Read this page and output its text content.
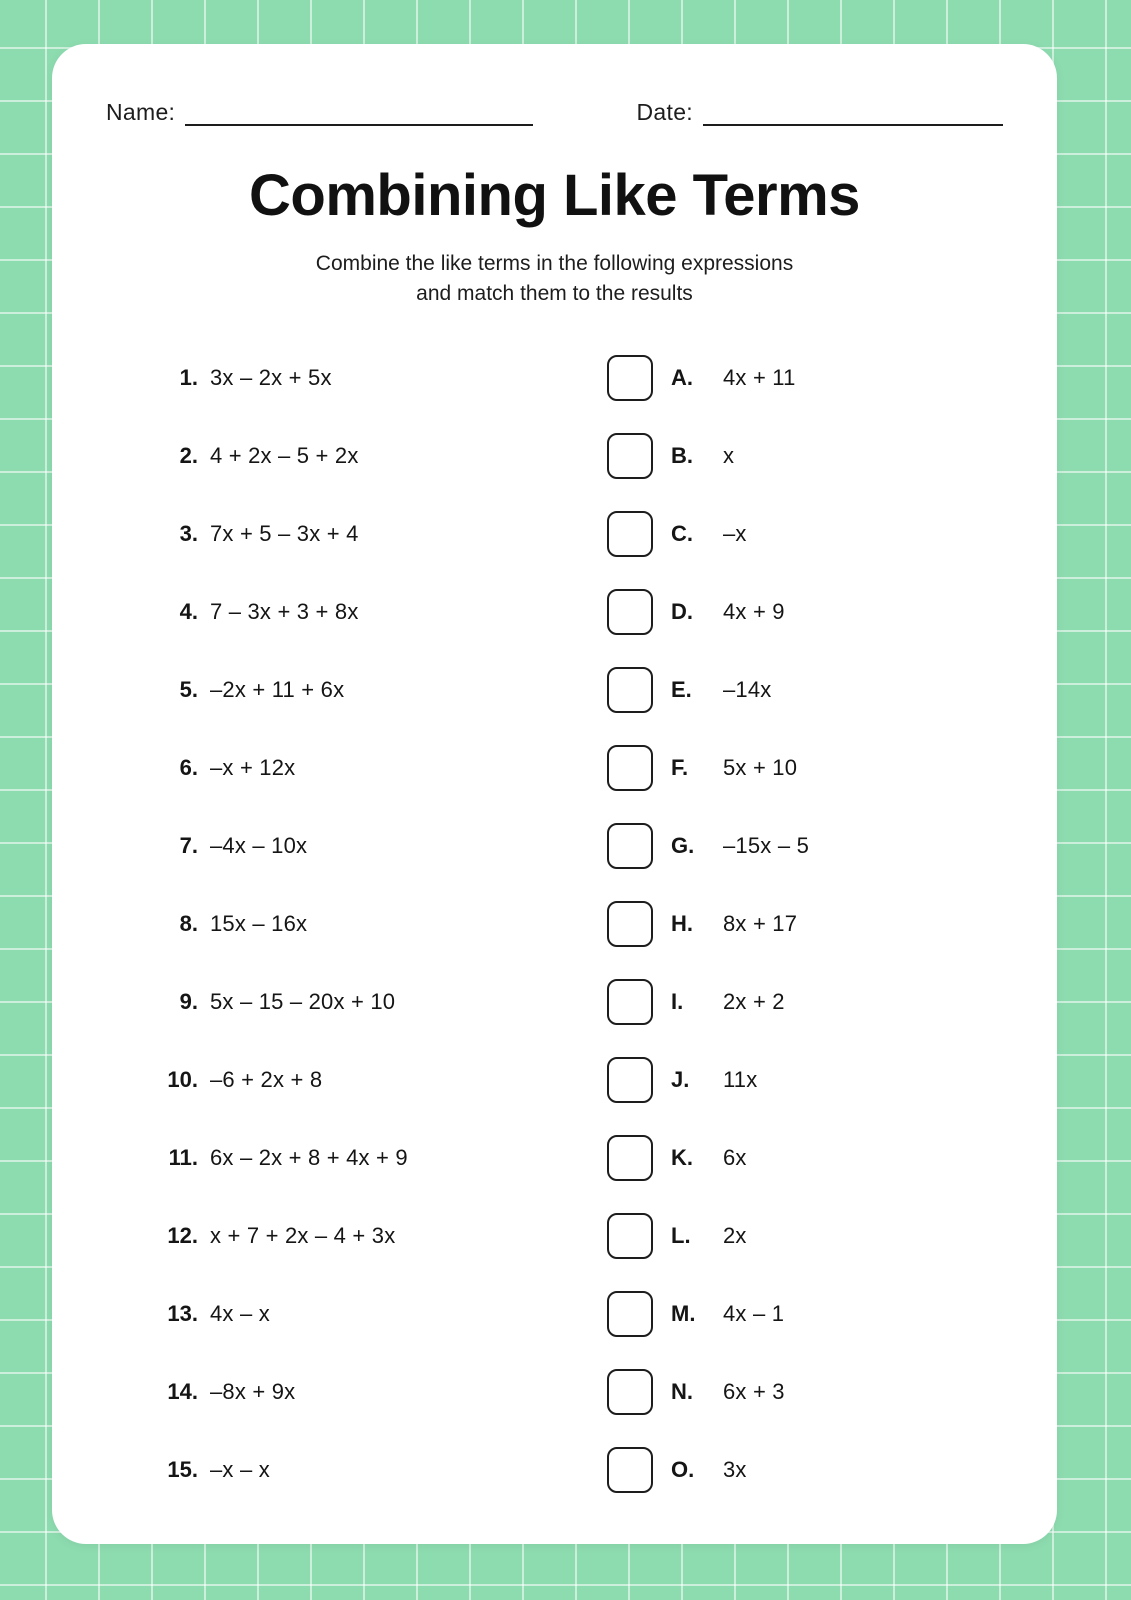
Name:	Date:
Combining Like Terms
Combine the like terms in the following expressions
and match them to the results
1. 3x – 2x + 5x
2. 4 + 2x – 5 + 2x
3. 7x + 5 – 3x + 4
4. 7 – 3x + 3 + 8x
5. –2x + 11 + 6x
6. –x + 12x
7. –4x – 10x
8. 15x – 16x
9. 5x – 15 – 20x + 10
10. –6 + 2x + 8
11. 6x – 2x + 8 + 4x + 9
12. x + 7 + 2x – 4 + 3x
13. 4x – x
14. –8x + 9x
15. –x – x
A.	4x + 11
B.	x
C.	–x
D.	4x + 9
E.	–14x
F.	5x + 10
G.	–15x – 5
H.	8x + 17
I.	2x + 2
J.	11x
K.	6x
L.	2x
M.	4x – 1
N.	6x + 3
O.	3x
